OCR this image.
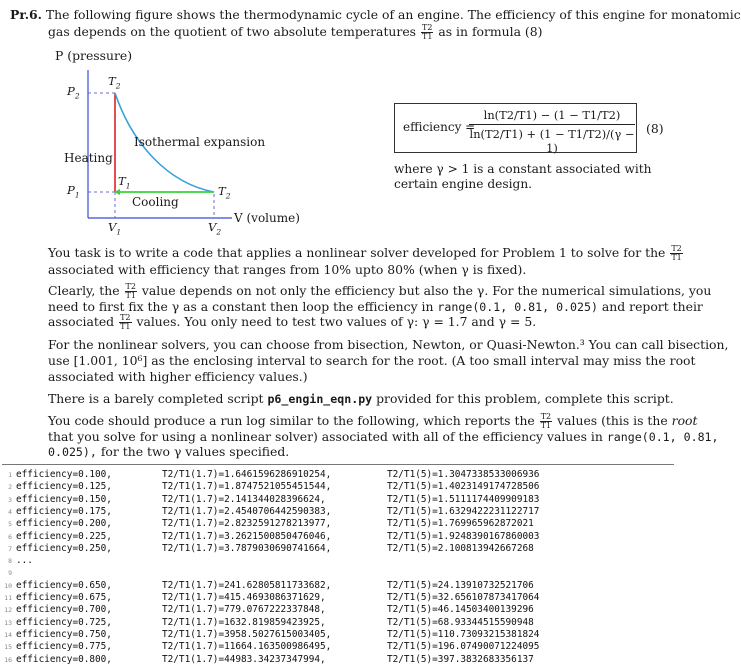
Pr.6. The following figure shows the thermodynamic cycle of an engine. The efficiency of this engine for monatomic
gas depends on the quotient of two absolute temperatures $\frac{T2}{T1}$ as in formula (8)
P (pressure)
$T_2$
$P_2$
$P_1$
$T_1$	$T_2$
$V_1$	$V_2$
Isothermal expansion
Heating
Cooling
V (volume)
efficiency =
$\frac{\ln(T2/T1) - (1 - T1/T2)}{\ln(T2/T1) + (1 - T1/T2)/(\gamma - 1)} (8)$
where γ > 1 is a constant associated with
certain engine design.
You task is to write a code that applies a nonlinear solver developed for Problem 1 to solve for the $\frac{T2}{T1}$
associated with efficiency that ranges from 10% upto 80% (when γ is fixed).
Clearly, the $\frac{T2}{T1}$ value depends on not only the efficiency but also the γ. For the numerical simulations, you
need to first fix the γ as a constant then loop the efficiency in range(0.1, 0.81, 0.025) and report their
associated $\frac{T2}{T1}$ values. You only need to test two values of γ: γ = 1.7 and γ = 5.
For the nonlinear solvers, you can choose from bisection, Newton, or Quasi-Newton.³ You can call bisection,
use [1.001, 10⁶] as the enclosing interval to search for the root. (A too small interval may miss the root
associated with higher efficiency values.)
There is a barely completed script p6_engin_eqn.py provided for this problem, complete this script.
You code should produce a run log similar to the following, which reports the $\frac{T2}{T1}$ values (this is the root
that you solve for using a nonlinear solver) associated with all of the efficiency values in range(0.1, 0.81,
0.025), for the two γ values specified.
1 efficiency=0.100,	T2/T1(1.7)=1.6461596286910254,	T2/T1(5)=1.3047338533006936
2 efficiency=0.125,	T2/T1(1.7)=1.8747521055451544,	T2/T1(5)=1.4023149174728506
3 efficiency=0.150,	T2/T1(1.7)=2.141344028396624,	T2/T1(5)=1.5111174409909183
4 efficiency=0.175,	T2/T1(1.7)=2.4540706442590383,	T2/T1(5)=1.6329422231122717
5 efficiency=0.200,	T2/T1(1.7)=2.8232591278213977,	T2/T1(5)=1.769965962872021
6 efficiency=0.225,	T2/T1(1.7)=3.2621500850476046,	T2/T1(5)=1.9248390167860003
7 efficiency=0.250,	T2/T1(1.7)=3.7879030690741664,	T2/T1(5)=2.100813942667268
8 ...
9
10 efficiency=0.650,	T2/T1(1.7)=241.62805811733682,	T2/T1(5)=24.13910732521706
11 efficiency=0.675,	T2/T1(1.7)=415.4693086371629,	T2/T1(5)=32.656107873417064
12 efficiency=0.700,	T2/T1(1.7)=779.0767222337848,	T2/T1(5)=46.14503400139296
13 efficiency=0.725,	T2/T1(1.7)=1632.819859423925,	T2/T1(5)=68.93344515590948
14 efficiency=0.750,	T2/T1(1.7)=3958.5027615003405,	T2/T1(5)=110.73093215381824
15 efficiency=0.775,	T2/T1(1.7)=11664.163500986495,	T2/T1(5)=196.07490071224095
16 efficiency=0.800,	T2/T1(1.7)=44983.34237347994,	T2/T1(5)=397.3832683356137
